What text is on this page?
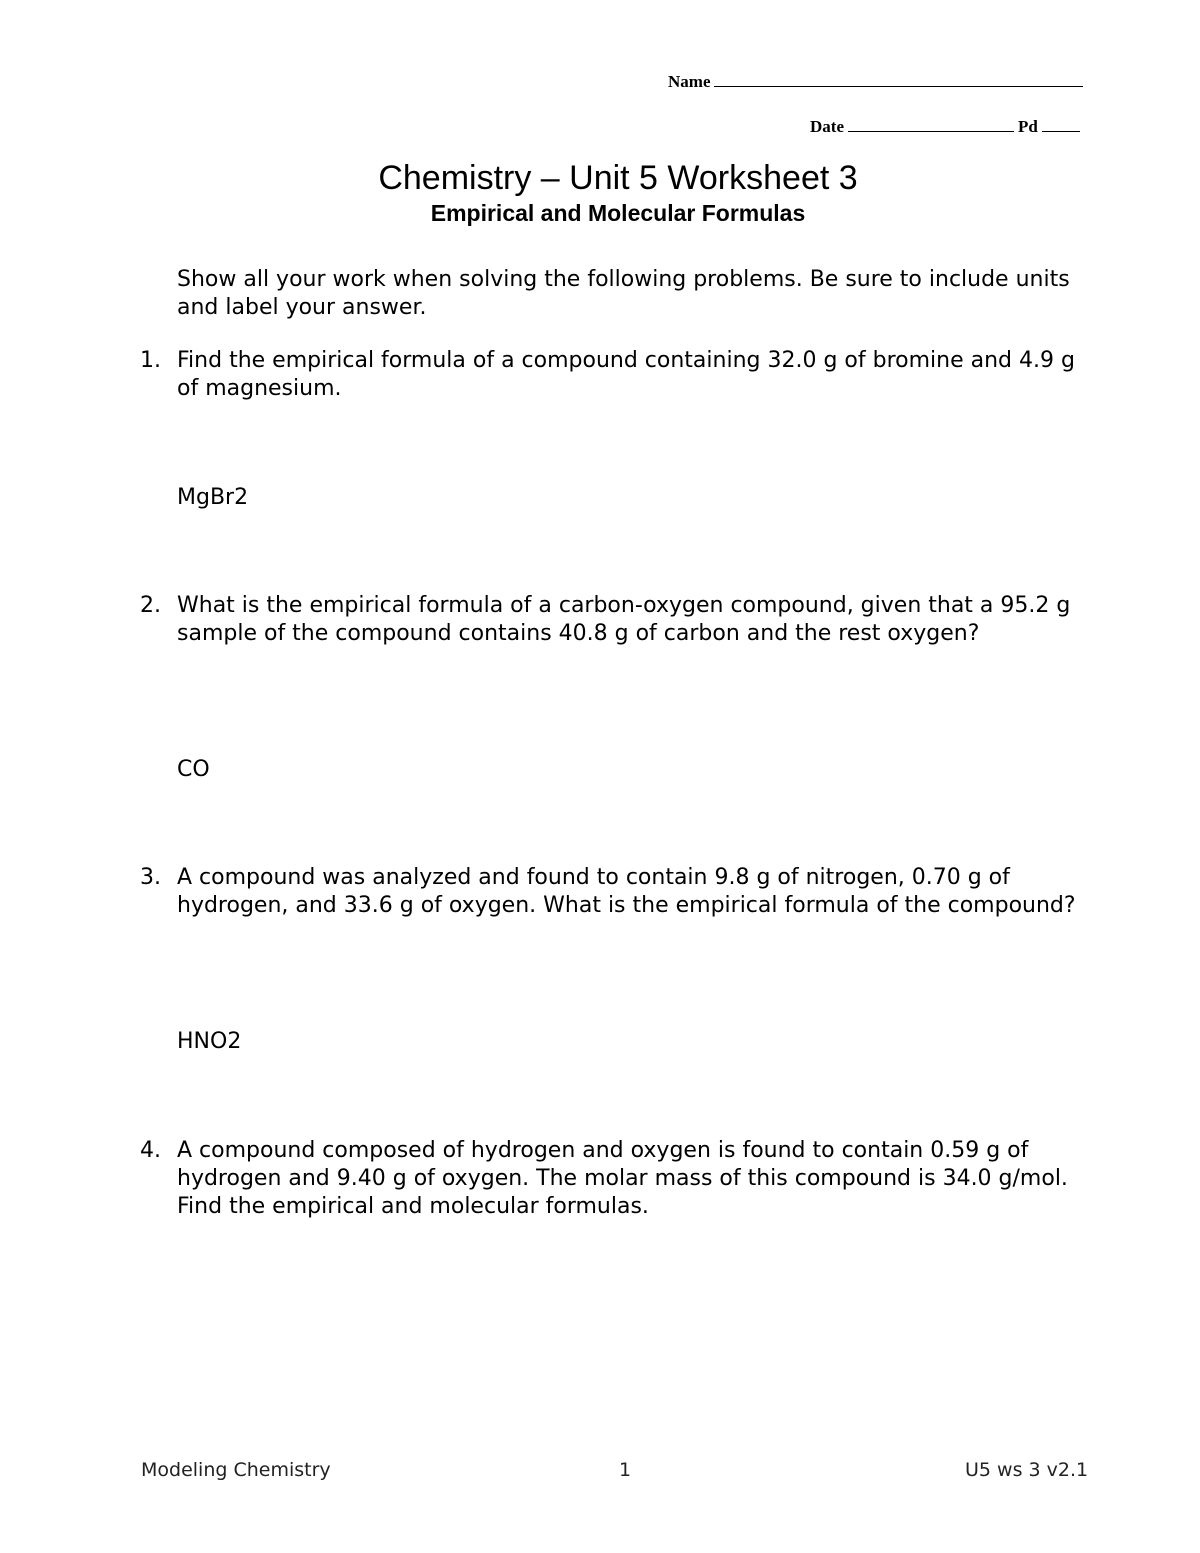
Name
Date	Pd
Chemistry – Unit 5 Worksheet 3
Empirical and Molecular Formulas
Show all your work when solving the following problems. Be sure to include units and label your answer.
1. Find the empirical formula of a compound containing 32.0 g of bromine and 4.9 g of magnesium.
MgBr2
2. What is the empirical formula of a carbon-oxygen compound, given that a 95.2 g sample of the compound contains 40.8 g of carbon and the rest oxygen?
CO
3. A compound was analyzed and found to contain 9.8 g of nitrogen, 0.70 g of hydrogen, and 33.6 g of oxygen. What is the empirical formula of the compound?
HNO2
4. A compound composed of hydrogen and oxygen is found to contain 0.59 g of hydrogen and 9.40 g of oxygen. The molar mass of this compound is 34.0 g/mol. Find the empirical and molecular formulas.
Modeling Chemistry	1	U5 ws 3 v2.1
